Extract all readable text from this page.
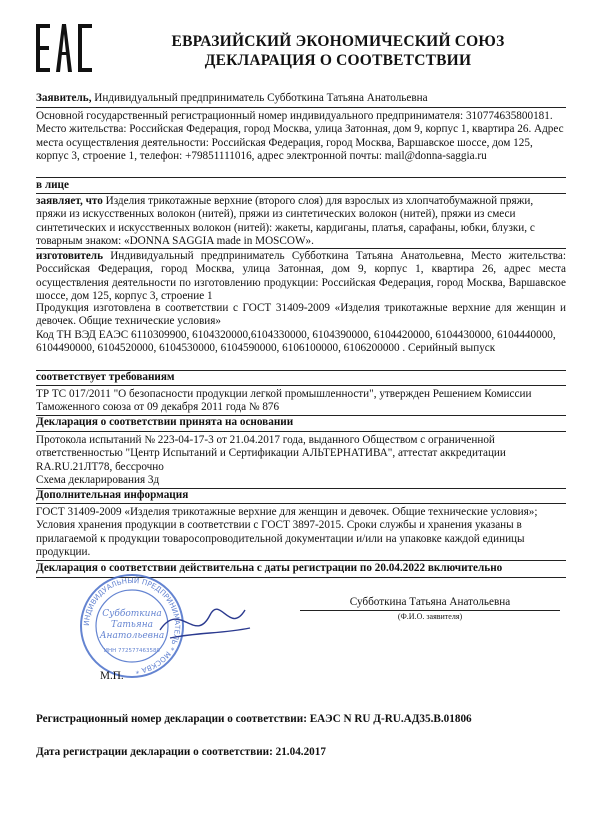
ЕВРАЗИЙСКИЙ ЭКОНОМИЧЕСКИЙ СОЮЗ
ДЕКЛАРАЦИЯ О СООТВЕТСТВИИ
Заявитель, Индивидуальный предприниматель Субботкина Татьяна Анатольевна
Основной государственный регистрационный номер индивидуального предпринимателя: 310774635800181. Место жительства: Российская Федерация, город Москва, улица Затонная, дом 9, корпус 1, квартира 26. Адрес места осуществления деятельности: Российская Федерация, город Москва, Варшавское шоссе, дом 125, корпус 3, строение 1, телефон: +79851111016, адрес электронной почты: mail@donna-saggia.ru
в лице
заявляет, что Изделия трикотажные верхние (второго слоя) для взрослых из хлопчатобумажной пряжи, пряжи из искусственных волокон (нитей), пряжи из синтетических волокон (нитей), пряжи из смеси синтетических и искусственных волокон (нитей): жакеты, кардиганы, платья, сарафаны, юбки, блузки, с товарным знаком: «DONNA SAGGIA made in MOSCOW».
изготовитель Индивидуальный предприниматель Субботкина Татьяна Анатольевна, Место жительства: Российская Федерация, город Москва, улица Затонная, дом 9, корпус 1, квартира 26, адрес места осуществления деятельности по изготовлению продукции: Российская Федерация, город Москва, Варшавское шоссе, дом 125, корпус 3, строение 1
Продукция изготовлена в соответствии с ГОСТ 31409-2009 «Изделия трикотажные верхние для женщин и девочек. Общие технические условия»
Код ТН ВЭД ЕАЭС 6110309900, 6104320000,6104330000, 6104390000, 6104420000, 6104430000, 6104440000, 6104490000, 6104520000, 6104530000, 6104590000, 6106100000, 6106200000 . Серийный выпуск
соответствует требованиям
ТР ТС 017/2011 "О безопасности продукции легкой промышленности", утвержден Решением Комиссии Таможенного союза от 09 декабря 2011 года № 876
Декларация о соответствии принята на основании
Протокола испытаний № 223-04-17-3 от 21.04.2017 года, выданного Обществом с ограниченной ответственностью "Центр Испытаний и Сертификации АЛЬТЕРНАТИВА", аттестат аккредитации RA.RU.21ЛТ78, бессрочно
Схема декларирования 3д
Дополнительная информация
ГОСТ 31409-2009 «Изделия трикотажные верхние для женщин и девочек. Общие технические условия»; Условия хранения продукции в соответствии с ГОСТ 3897-2015. Сроки службы и хранения указаны в прилагаемой к продукции товаросопроводительной документации и/или на упаковке каждой единицы продукции.
Декларация о соответствии действительна с даты регистрации по 20.04.2022 включительно
ИНДИВИДУАЛЬНЫЙ ПРЕДПРИНИМАТЕЛЬ * МОСКВА *
Субботкина
Татьяна
Анатольевна
ИНН 772577463580
Субботкина Татьяна Анатольевна
(Ф.И.О. заявителя)
М.П.
Регистрационный номер декларации о соответствии: ЕАЭС N RU Д-RU.АД35.В.01806
Дата регистрации декларации о соответствии: 21.04.2017
